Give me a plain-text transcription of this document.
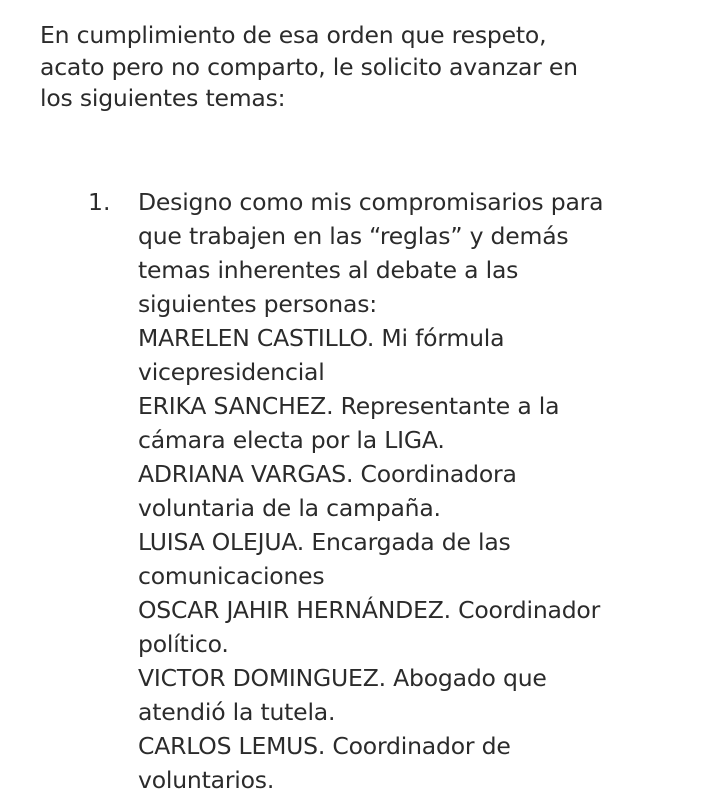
En cumplimiento de esa orden que respeto,
acato pero no comparto, le solicito avanzar en
los siguientes temas:

1. Designo como mis compromisarios para
que trabajen en las “reglas” y demás
temas inherentes al debate a las
siguientes personas:
MARELEN CASTILLO. Mi fórmula
vicepresidencial
ERIKA SANCHEZ. Representante a la
cámara electa por la LIGA.
ADRIANA VARGAS. Coordinadora
voluntaria de la campaña.
LUISA OLEJUA. Encargada de las
comunicaciones
OSCAR JAHIR HERNÁNDEZ. Coordinador
político.
VICTOR DOMINGUEZ. Abogado que
atendió la tutela.
CARLOS LEMUS. Coordinador de
voluntarios.
